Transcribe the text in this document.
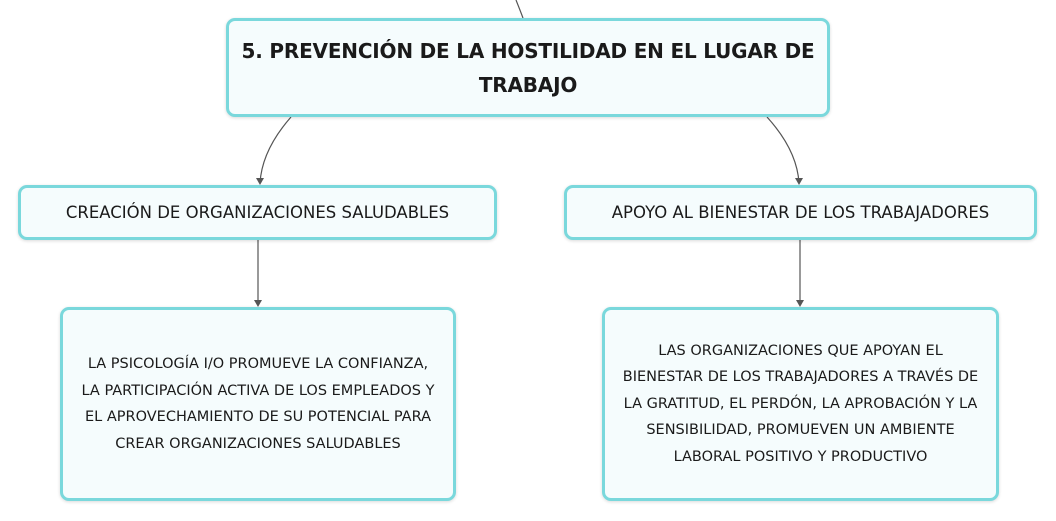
5. PREVENCIÓN DE LA HOSTILIDAD EN EL LUGAR DE TRABAJO
CREACIÓN DE ORGANIZACIONES SALUDABLES	APOYO AL BIENESTAR DE LOS TRABAJADORES
LA PSICOLOGÍA I/O PROMUEVE LA CONFIANZA, LA PARTICIPACIÓN ACTIVA DE LOS EMPLEADOS Y EL APROVECHAMIENTO DE SU POTENCIAL PARA CREAR ORGANIZACIONES SALUDABLES
LAS ORGANIZACIONES QUE APOYAN EL BIENESTAR DE LOS TRABAJADORES A TRAVÉS DE LA GRATITUD, EL PERDÓN, LA APROBACIÓN Y LA SENSIBILIDAD, PROMUEVEN UN AMBIENTE LABORAL POSITIVO Y PRODUCTIVO
